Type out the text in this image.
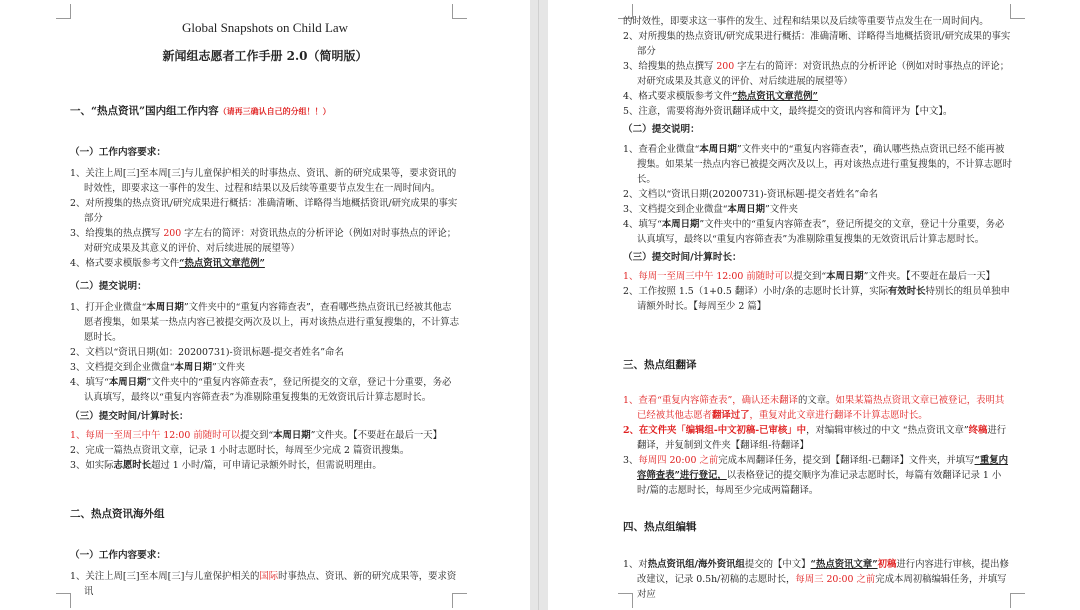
Global Snapshots on Child Law
新闻组志愿者工作手册 2.0（简明版）
一、“热点资讯”国内组工作内容（请再三确认自己的分组！！）
（一）工作内容要求：

1、关注上周[三]至本周[三]与儿童保护相关的时事热点、资讯、新的研究成果等，要求资讯的时效性，即要求这一事件的发生、过程和结果以及后续等重要节点发生在一周时间内。

2、对所搜集的热点资讯/研究成果进行概括：准确清晰、详略得当地概括资讯/研究成果的事实部分

3、给搜集的热点撰写 200 字左右的简评：对资讯热点的分析评论（例如对时事热点的评论；对研究成果及其意义的评价、对后续进展的展望等）

4、格式要求模版参考文件“热点资讯文章范例”

（二）提交说明：

1、打开企业微盘“本周日期”文件夹中的“重复内容筛查表”，查看哪些热点资讯已经被其他志愿者搜集，如果某一热点内容已被提交两次及以上，再对该热点进行重复搜集的，不计算志愿时长。

2、文档以“资讯日期(如：20200731)-资讯标题-提交者姓名”命名

3、文档提交到企业微盘“本周日期”文件夹

4、填写“本周日期”文件夹中的“重复内容筛查表”，登记所提交的文章，登记十分重要，务必认真填写，最终以“重复内容筛查表”为准剔除重复搜集的无效资讯后计算志愿时长。

（三）提交时间/计算时长：

1、每周一至周三中午 12:00 前随时可以提交到“本周日期”文件夹。【不要赶在最后一天】

2、完成一篇热点资讯文章，记录 1 小时志愿时长，每周至少完成 2 篇资讯搜集。

3、如实际志愿时长超过 1 小时/篇，可申请记录额外时长，但需说明理由。

二、热点资讯海外组
（一）工作内容要求：

1、关注上周[三]至本周[三]与儿童保护相关的国际时事热点、资讯、新的研究成果等，要求资讯

的时效性，即要求这一事件的发生、过程和结果以及后续等重要节点发生在一周时间内。

2、对所搜集的热点资讯/研究成果进行概括：准确清晰、详略得当地概括资讯/研究成果的事实部分

3、给搜集的热点撰写 200 字左右的简评：对资讯热点的分析评论（例如对时事热点的评论；对研究成果及其意义的评价、对后续进展的展望等）

4、格式要求模版参考文件“热点资讯文章范例”

5、注意，需要将海外资讯翻译成中文，最终提交的资讯内容和简评为【中文】。

（二）提交说明：

1、查看企业微盘“本周日期”文件夹中的“重复内容筛查表”，确认哪些热点资讯已经不能再被搜集。如果某一热点内容已被提交两次及以上，再对该热点进行重复搜集的，不计算志愿时长。

2、文档以“资讯日期(20200731)-资讯标题-提交者姓名”命名

3、文档提交到企业微盘“本周日期”文件夹

4、填写“本周日期”文件夹中的“重复内容筛查表”，登记所提交的文章，登记十分重要，务必认真填写，最终以“重复内容筛查表”为准剔除重复搜集的无效资讯后计算志愿时长。

（三）提交时间/计算时长：

1、每周一至周三中午 12:00 前随时可以提交到“本周日期”文件夹。【不要赶在最后一天】

2、工作按照 1.5（1+0.5 翻译）小时/条的志愿时长计算，实际有效时长特别长的组员单独申请额外时长。【每周至少 2 篇】

三、热点组翻译

1、查看“重复内容筛查表”，确认还未翻译的文章。如果某篇热点资讯文章已被登记，表明其已经被其他志愿者翻译过了，重复对此文章进行翻译不计算志愿时长。

2、在文件夹「编辑组-中文初稿-已审核」中，对编辑审核过的中文 “热点资讯文章”终稿进行翻译，并复制到文件夹【翻译组-待翻译】

3、每周四 20:00 之前完成本周翻译任务，提交到【翻译组-已翻译】文件夹，并填写“重复内容筛查表”进行登记，以表格登记的提交顺序为准记录志愿时长，每篇有效翻译记录 1 小时/篇的志愿时长，每周至少完成两篇翻译。

四、热点组编辑

1、对热点资讯组/海外资讯组提交的【中文】“热点资讯文章”初稿进行内容进行审核，提出修改建议，记录 0.5h/初稿的志愿时长，每周三 20:00 之前完成本周初稿编辑任务，并填写对应
